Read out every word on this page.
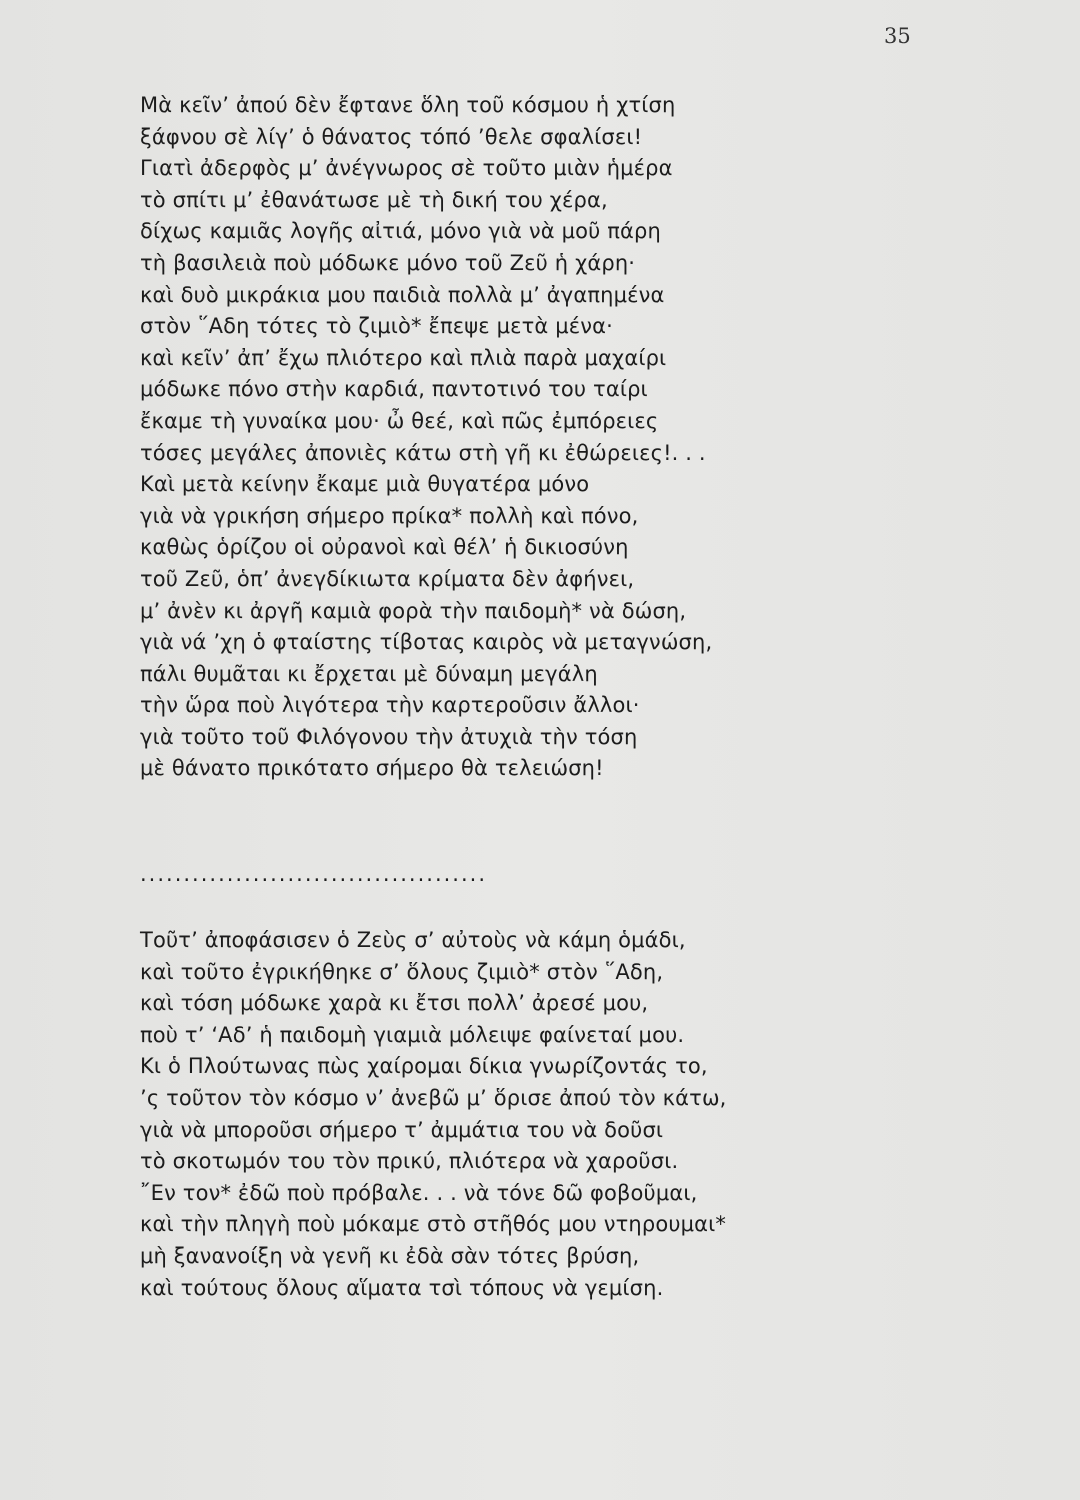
35
Μὰ κεῖν’ ἀπού δὲν ἔφτανε ὅλη τοῦ κόσμου ἡ χτίση
ξάφνου σὲ λίγ’ ὁ θάνατος τόπό ’θελε σφαλίσει!
Γιατὶ ἀδερφὸς μ’ ἀνέγνωρος σὲ τοῦτο μιὰν ἡμέρα
τὸ σπίτι μ’ ἐθανάτωσε μὲ τὴ δική του χέρα,
δίχως καμιᾶς λογῆς αἰτιά, μόνο γιὰ νὰ μοῦ πάρη
τὴ βασιλειὰ ποὺ μόδωκε μόνο τοῦ Ζεῦ ἡ χάρη·
καὶ δυὸ μικράκια μου παιδιὰ πολλὰ μ’ ἀγαπημένα
στὸν ῞Αδη τότες τὸ ζιμιὸ* ἔπεψε μετὰ μένα·
καὶ κεῖν’ ἀπ’ ἔχω πλιότερο καὶ πλιὰ παρὰ μαχαίρι
μόδωκε πόνο στὴν καρδιά, παντοτινό του ταίρι
ἔκαμε τὴ γυναίκα μου· ὦ θεέ, καὶ πῶς ἐμπόρειες
τόσες μεγάλες ἀπονιὲς κάτω στὴ γῆ κι ἐθώρειες!. . .
Καὶ μετὰ κείνην ἔκαμε μιὰ θυγατέρα μόνο
γιὰ νὰ γρικήση σήμερο πρίκα* πολλὴ καὶ πόνο,
καθὼς ὁρίζου οἱ οὐρανοὶ καὶ θέλ’ ἡ δικιοσύνη
τοῦ Ζεῦ, ὁπ’ ἀνεγδίκιωτα κρίματα δὲν ἀφήνει,
μ’ ἀνὲν κι ἀργῆ καμιὰ φορὰ τὴν παιδομὴ* νὰ δώση,
γιὰ νά ’χη ὁ φταίστης τίβοτας καιρὸς νὰ μεταγνώση,
πάλι θυμᾶται κι ἔρχεται μὲ δύναμη μεγάλη
τὴν ὥρα ποὺ λιγότερα τὴν καρτεροῦσιν ἄλλοι·
γιὰ τοῦτο τοῦ Φιλόγονου τὴν ἀτυχιὰ τὴν τόση
μὲ θάνατο πρικότατο σήμερο θὰ τελειώση!
........................................
Τοῦτ’ ἀποφάσισεν ὁ Ζεὺς σ’ αὐτοὺς νὰ κάμη ὁμάδι,
καὶ τοῦτο ἐγρικήθηκε σ’ ὅλους ζιμιὸ* στὸν ῞Αδη,
καὶ τόση μόδωκε χαρὰ κι ἔτσι πολλ’ ἀρεσέ μου,
ποὺ τ’ ‘Αδ’ ἡ παιδομὴ γιαμιὰ μόλειψε φαίνεταί μου.
Κι ὁ Πλούτωνας πὼς χαίρομαι δίκια γνωρίζοντάς το,
’ς τοῦτον τὸν κόσμο ν’ ἀνεβῶ μ’ ὅρισε ἀπού τὸν κάτω,
γιὰ νὰ μποροῦσι σήμερο τ’ ἀμμάτια του νὰ δοῦσι
τὸ σκοτωμόν του τὸν πρικύ, πλιότερα νὰ χαροῦσι.
῎Εν τον* ἐδῶ ποὺ πρόβαλε. . . νὰ τόνε δῶ φοβοῦμαι,
καὶ τὴν πληγὴ ποὺ μόκαμε στὸ στῆθός μου ντηρουμαι*
μὴ ξανανοίξη νὰ γενῆ κι ἐδὰ σὰν τότες βρύση,
καὶ τούτους ὅλους αἵματα τσὶ τόπους νὰ γεμίση.
